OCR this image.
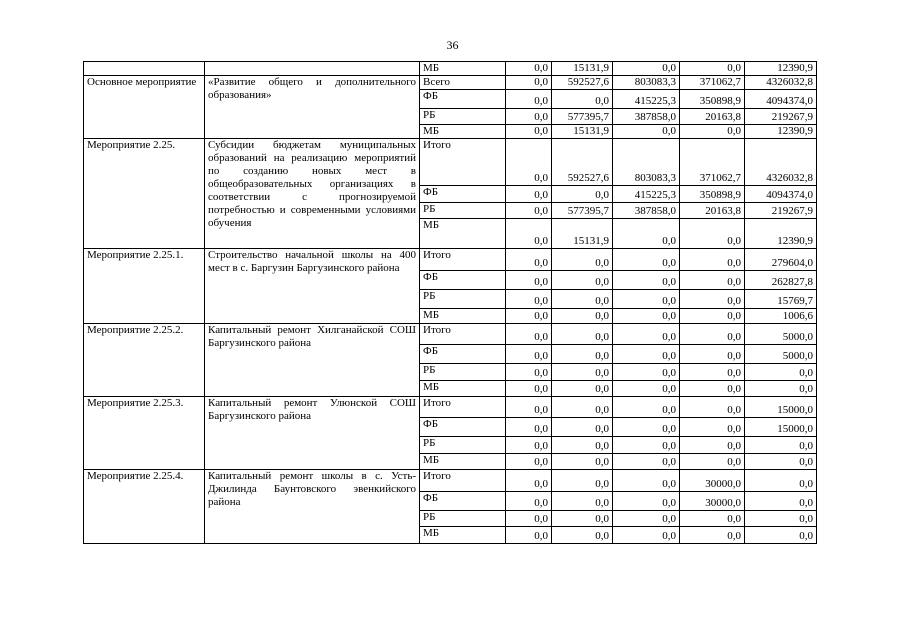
36
		МБ	0,0	15131,9	0,0	0,0	12390,9
Основное мероприятие	«Развитие общего и дополнительного образования»	Всего	0,0	592527,6	803083,3	371062,7	4326032,8
		ФБ	0,0	0,0	415225,3	350898,9	4094374,0
		РБ	0,0	577395,7	387858,0	20163,8	219267,9
		МБ	0,0	15131,9	0,0	0,0	12390,9
Мероприятие 2.25.	Субсидии бюджетам муниципальных образований на реализацию мероприятий по созданию новых мест в общеобразовательных организациях в соответствии с прогнозируемой потребностью и современными условиями обучения	Итого	0,0	592527,6	803083,3	371062,7	4326032,8
		ФБ	0,0	0,0	415225,3	350898,9	4094374,0
		РБ	0,0	577395,7	387858,0	20163,8	219267,9
		МБ	0,0	15131,9	0,0	0,0	12390,9
Мероприятие 2.25.1.	Строительство начальной школы на 400 мест в с. Баргузин Баргузинского района	Итого	0,0	0,0	0,0	0,0	279604,0
		ФБ	0,0	0,0	0,0	0,0	262827,8
		РБ	0,0	0,0	0,0	0,0	15769,7
		МБ	0,0	0,0	0,0	0,0	1006,6
Мероприятие 2.25.2.	Капитальный ремонт Хилганайской СОШ Баргузинского района	Итого	0,0	0,0	0,0	0,0	5000,0
		ФБ	0,0	0,0	0,0	0,0	5000,0
		РБ	0,0	0,0	0,0	0,0	0,0
		МБ	0,0	0,0	0,0	0,0	0,0
Мероприятие 2.25.3.	Капитальный ремонт Улюнской СОШ Баргузинского района	Итого	0,0	0,0	0,0	0,0	15000,0
		ФБ	0,0	0,0	0,0	0,0	15000,0
		РБ	0,0	0,0	0,0	0,0	0,0
		МБ	0,0	0,0	0,0	0,0	0,0
Мероприятие 2.25.4.	Капитальный ремонт школы в с. Усть-Джилинда Баунтовского эвенкийского района	Итого	0,0	0,0	0,0	30000,0	0,0
		ФБ	0,0	0,0	0,0	30000,0	0,0
		РБ	0,0	0,0	0,0	0,0	0,0
		МБ	0,0	0,0	0,0	0,0	0,0
